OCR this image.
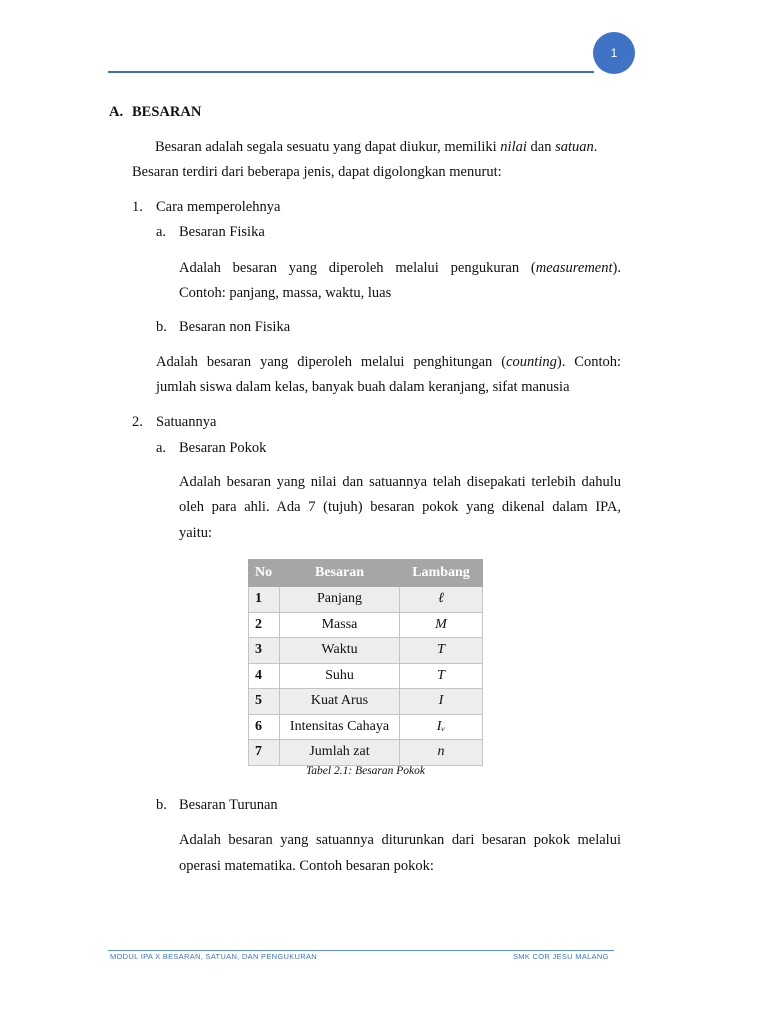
1
A. BESARAN
Besaran adalah segala sesuatu yang dapat diukur, memiliki nilai dan satuan.
Besaran terdiri dari beberapa jenis, dapat digolongkan menurut:
1. Cara memperolehnya
a. Besaran Fisika
Adalah besaran yang diperoleh melalui pengukuran (measurement).
Contoh: panjang, massa, waktu, luas
b. Besaran non Fisika
Adalah besaran yang diperoleh melalui penghitungan (counting). Contoh:
jumlah siswa dalam kelas, banyak buah dalam keranjang, sifat manusia
2. Satuannya
a. Besaran Pokok
Adalah besaran yang nilai dan satuannya telah disepakati terlebih dahulu
oleh para ahli. Ada 7 (tujuh) besaran pokok yang dikenal dalam IPA,
yaitu:
No	Besaran	Lambang
1	Panjang	ℓ
2	Massa	M
3	Waktu	T
4	Suhu	T
5	Kuat Arus	I
6	Intensitas Cahaya	Iᵥ
7	Jumlah zat	n
Tabel 2.1: Besaran Pokok
b. Besaran Turunan
Adalah besaran yang satuannya diturunkan dari besaran pokok melalui
operasi matematika. Contoh besaran pokok:
MODUL IPA X BESARAN, SATUAN, DAN PENGUKURAN	SMK COR JESU MALANG
